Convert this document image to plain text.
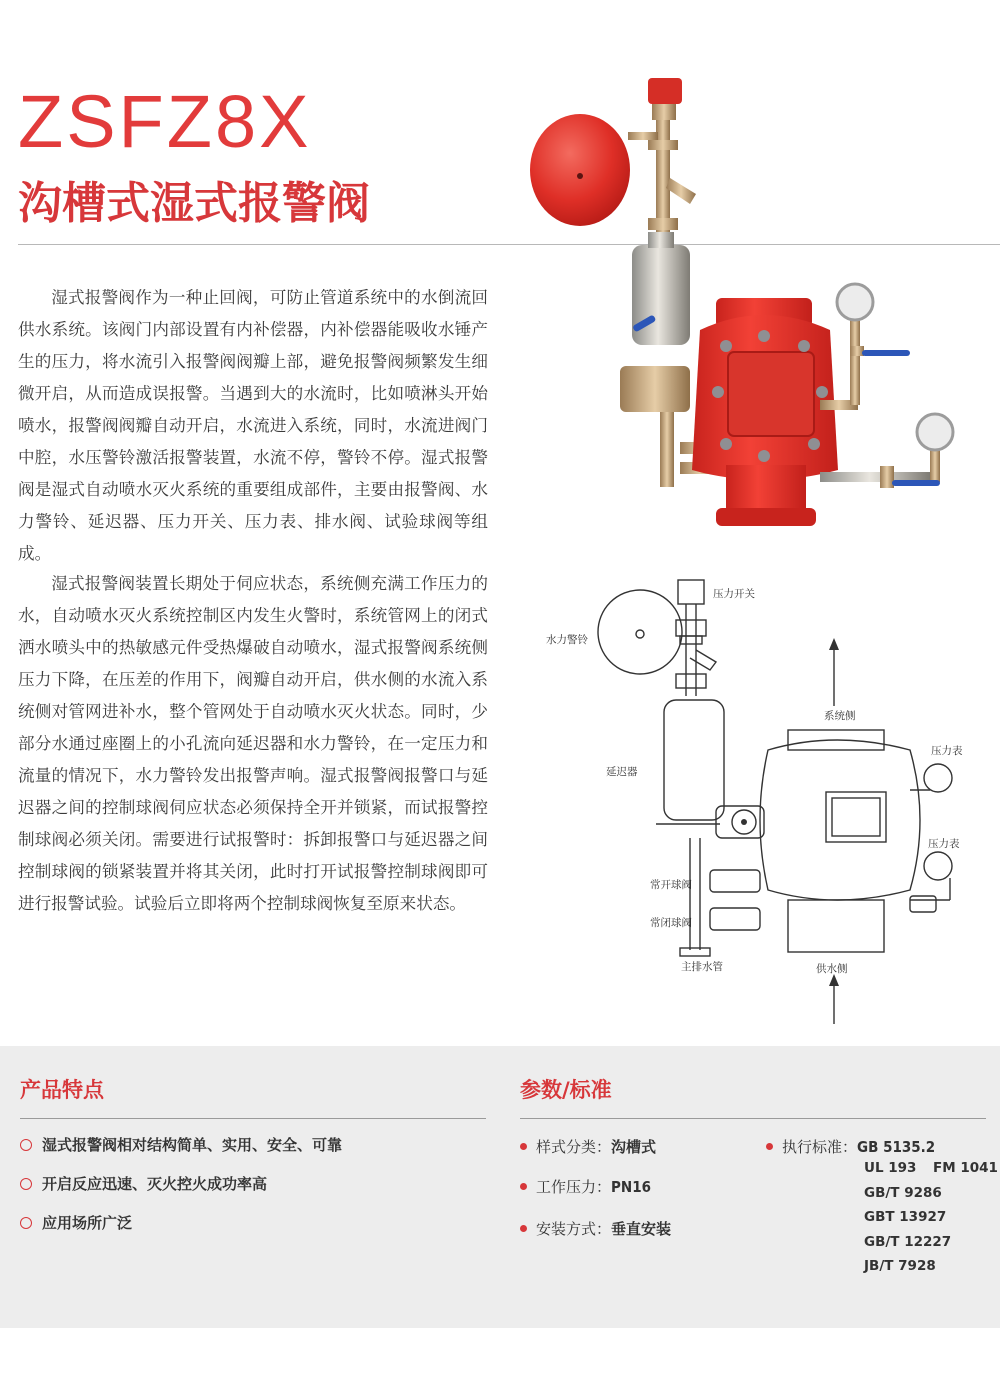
ZSFZ8X
沟槽式湿式报警阀

湿式报警阀作为一种止回阀，可防止管道系统中的水倒流回供水系统。该阀门内部设置有内补偿器，内补偿器能吸收水锤产生的压力，将水流引入报警阀阀瓣上部，避免报警阀频繁发生细微开启，从而造成误报警。当遇到大的水流时，比如喷淋头开始喷水，报警阀阀瓣自动开启，水流进入系统，同时，水流进阀门中腔，水压警铃激活报警装置，水流不停，警铃不停。湿式报警阀是湿式自动喷水灭火系统的重要组成部件，主要由报警阀、水力警铃、延迟器、压力开关、压力表、排水阀、试验球阀等组成。

湿式报警阀装置长期处于伺应状态，系统侧充满工作压力的水，自动喷水灭火系统控制区内发生火警时，系统管网上的闭式洒水喷头中的热敏感元件受热爆破自动喷水，湿式报警阀系统侧压力下降，在压差的作用下，阀瓣自动开启，供水侧的水流入系统侧对管网进补水，整个管网处于自动喷水灭火状态。同时，少部分水通过座圈上的小孔流向延迟器和水力警铃，在一定压力和流量的情况下，水力警铃发出报警声响。湿式报警阀报警口与延迟器之间的控制球阀伺应状态必须保持全开并锁紧，而试报警控制球阀必须关闭。需要进行试报警时：拆卸报警口与延迟器之间控制球阀的锁紧装置并将其关闭，此时打开试报警控制球阀即可进行报警试验。试验后立即将两个控制球阀恢复至原来状态。

压力开关
水力警铃
系统侧
压力表
延迟器
压力表
常开球阀
常闭球阀
主排水管	供水侧
产品特点
湿式报警阀相对结构简单、实用、安全、可靠
开启反应迅速、灭火控火成功率高
应用场所广泛
参数/标准
样式分类：沟槽式
工作压力：PN16
安装方式：垂直安装
执行标准：GB 5135.2
UL 193 FM 1041
GB/T 9286
GBT 13927
GB/T 12227
JB/T 7928
